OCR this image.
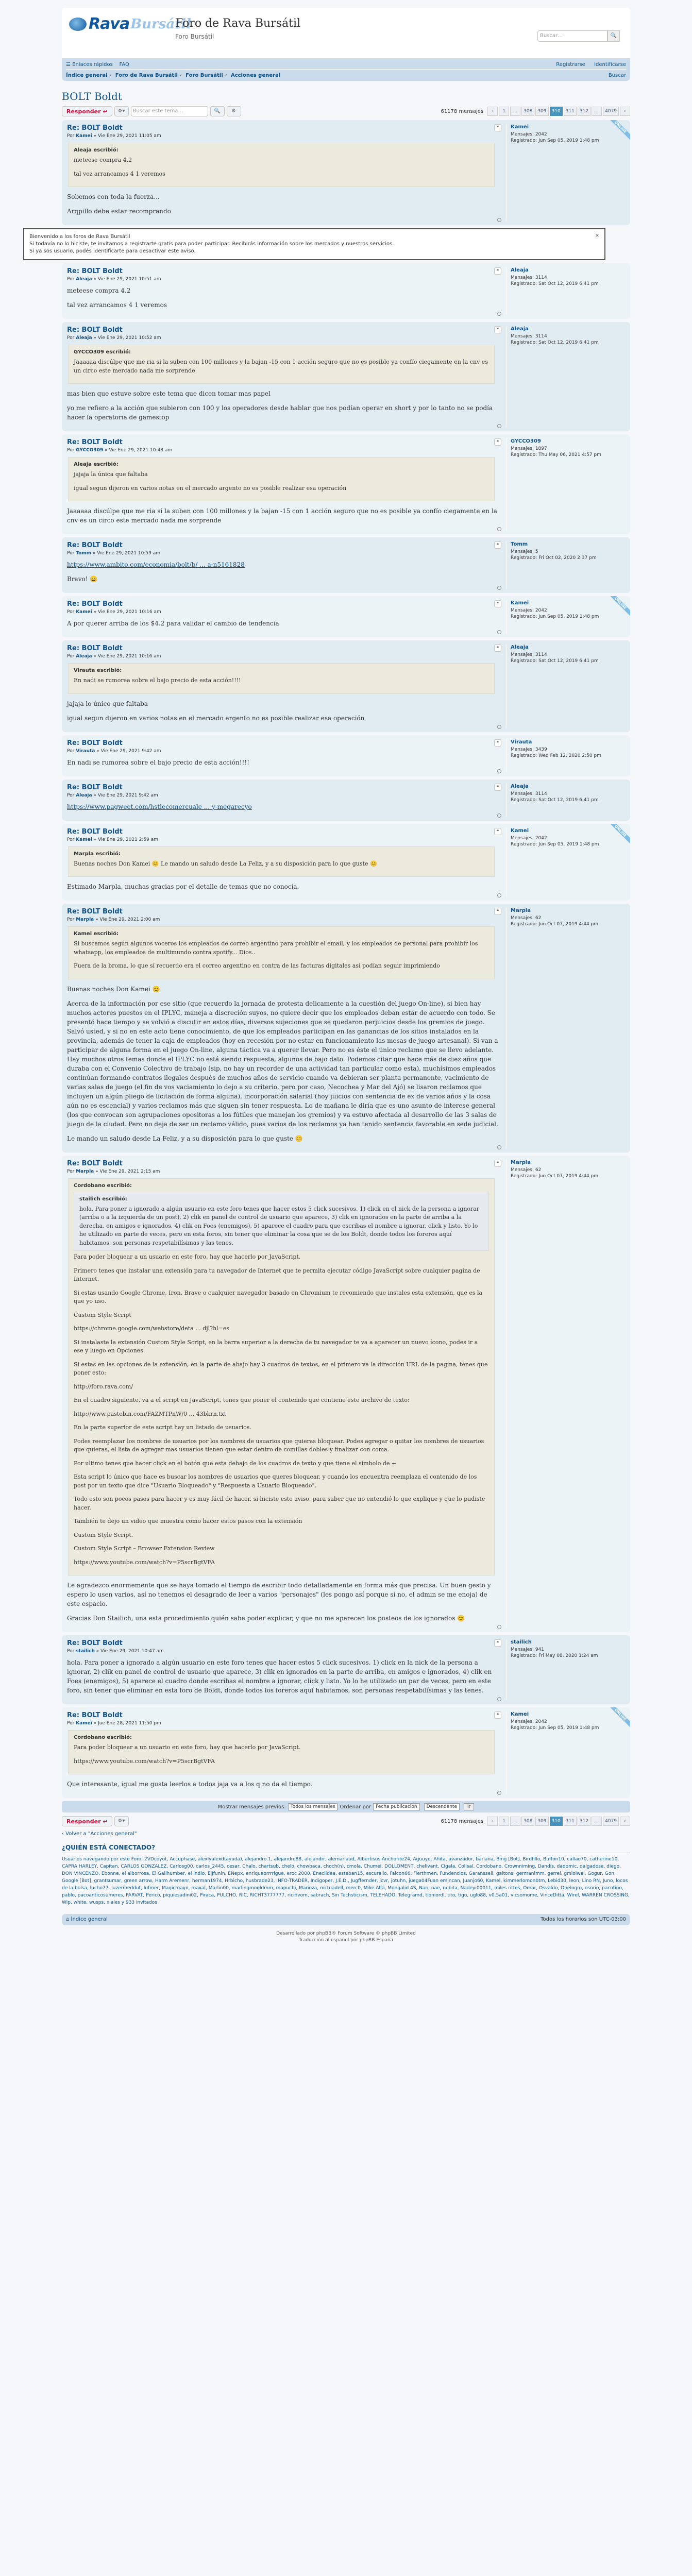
Rava Bursátil
Foro de Rava Bursátil
Foro Bursátil	Buscar…	🔍
☰ Enlaces rápidos FAQ	Registrarse Identificarse
Índice general ‹ Foro de Rava Bursátil ‹ Foro Bursátil ‹ Acciones general	Buscar
BOLT Boldt
Responder ↩	⚙▾	Buscar este tema…	🔍	⚙	61178 mensajes	‹ 1 ... 308 309 310 311 312 ... 4079 ›
Re: BOLT Boldt
Por Kamei » Vie Ene 29, 2021 11:05 am
Aleaja escribió:

meteese compra 4.2

tal vez arrancamos 4 1 veremos

Sobemos con toda la fuerza...

Arqpillo debe estar recomprando

Kamei
Mensajes: 2042
Registrado: Jun Sep 05, 2019 1:48 pm
❝	ONLINE
Bienvenido a los foros de Rava Bursátil
Si todavía no lo hiciste, te invitamos a registrarte gratis para poder participar. Recibirás información sobre los mercados y nuestros servicios.
Si ya sos usuario, podés identificarte para desactivar este aviso.
×
Re: BOLT Boldt
Por Aleaja » Vie Ene 29, 2021 10:51 am

meteese compra 4.2

tal vez arrancamos 4 1 veremos

Aleaja
Mensajes: 3114
Registrado: Sat Oct 12, 2019 6:41 pm
❝
Re: BOLT Boldt
Por Aleaja » Vie Ene 29, 2021 10:52 am
GYCCO309 escribió:

Jaaaaaa discúlpe que me ria si la suben con 100 millones y la bajan -15 con 1 acción seguro que no es posible ya confío ciegamente en la cnv es un circo este mercado nada me sorprende

mas bien que estuve sobre este tema que dicen tomar mas papel

yo me refiero a la acción que subieron con 100 y los operadores desde hablar que nos podían operar en short y por lo tanto no se podía hacer la operatoria de gamestop

Aleaja
Mensajes: 3114
Registrado: Sat Oct 12, 2019 6:41 pm
❝
Re: BOLT Boldt
Por GYCCO309 » Vie Ene 29, 2021 10:48 am
Aleaja escribió:

jajaja la única que faltaba

igual segun dijeron en varios notas en el mercado argento no es posible realizar esa operación

Jaaaaaa discúlpe que me ria si la suben con 100 millones y la bajan -15 con 1 acción seguro que no es posible ya confío ciegamente en la cnv es un circo este mercado nada me sorprende

GYCCO309
Mensajes: 1897
Registrado: Thu May 06, 2021 4:57 pm
❝
Re: BOLT Boldt
Por Tomm » Vie Ene 29, 2021 10:59 am

https://www.ambito.com/economia/bolt/b/ ... a-n5161828

Bravo! 😄

Tomm
Mensajes: 5
Registrado: Fri Oct 02, 2020 2:37 pm
❝
Re: BOLT Boldt
Por Kamei » Vie Ene 29, 2021 10:16 am

A por querer arriba de los $4.2 para validar el cambio de tendencia

Kamei
Mensajes: 2042
Registrado: Jun Sep 05, 2019 1:48 pm
❝	ONLINE
Re: BOLT Boldt
Por Aleaja » Vie Ene 29, 2021 10:16 am
Virauta escribió:

En nadi se rumorea sobre el bajo precio de esta acción!!!!

jajaja lo único que faltaba

igual segun dijeron en varios notas en el mercado argento no es posible realizar esa operación

Aleaja
Mensajes: 3114
Registrado: Sat Oct 12, 2019 6:41 pm
❝
Re: BOLT Boldt
Por Virauta » Vie Ene 29, 2021 9:42 am

En nadi se rumorea sobre el bajo precio de esta acción!!!!

Virauta
Mensajes: 3439
Registrado: Wed Feb 12, 2020 2:50 pm
❝
Re: BOLT Boldt
Por Aleaja » Vie Ene 29, 2021 9:42 am

https://www.pagweet.com/hstlecomercuale ... y-megarecyo

Aleaja
Mensajes: 3114
Registrado: Sat Oct 12, 2019 6:41 pm
❝
Re: BOLT Boldt
Por Kamei » Vie Ene 29, 2021 2:59 am
Marpla escribió:

Buenas noches Don Kamei 😊 Le mando un saludo desde La Feliz, y a su disposición para lo que guste 😊

Estimado Marpla, muchas gracias por el detalle de temas que no conocía.

Kamei
Mensajes: 2042
Registrado: Jun Sep 05, 2019 1:48 pm
❝	ONLINE
Re: BOLT Boldt
Por Marpla » Vie Ene 29, 2021 2:00 am
Kamei escribió:

Si buscamos según algunos voceros los empleados de correo argentino para prohibir el email, y los empleados de personal para prohibir los whatsapp, los empleados de multimundo contra spotify... Dios..

Fuera de la broma, lo que sí recuerdo era el correo argentino en contra de las facturas digitales así podían seguir imprimiendo

Buenas noches Don Kamei 😊

Acerca de la información por ese sitio (que recuerdo la jornada de protesta delicamente a la cuestión del juego On-line), si bien hay muchos actores puestos en el IPLYC, maneja a discreción suyos, no quiere decir que los empleados deban estar de acuerdo con todo. Se presentó hace tiempo y se volvió a discutir en estos días, diversos sujeciones que se quedaron perjuicios desde los gremios de juego. Salvó usted, y si no en este acto tiene conocimiento, de que los empleados participan en las ganancias de los sitios instalados en la provincia, además de tener la caja de empleados (hoy en recesión por no estar en funcionamiento las mesas de juego artesanal). Si van a participar de alguna forma en el juego On-line, alguna táctica va a querer llevar. Pero no es éste el único reclamo que se llevo adelante. Hay muchos otros temas donde el IPLYC no está siendo respuesta, algunos de bajo dato. Podemos citar que hace más de diez años que duraba con el Convenio Colectivo de trabajo (sip, no hay un recorder de una actividad tan particular como esta), muchísimos empleados continúan formando contratos ilegales después de muchos años de servicio cuando va debieran ser planta permanente, vacimiento de varias salas de juego (el fin de vos vaciamiento lo dejo a su criterio, pero por caso, Necochea y Mar del Ajó) se lisaron reclamos que incluyen un algún pliego de licitación de forma alguna), incorporación salarial (hoy juicios con sentencia de ex de varios años y la cosa aún no es escencial) y varios reclamos más que siguen sin tener respuesta. Lo de mañana le diría que es uno asunto de interese general (los que convocan son agrupaciones opositoras a los fútiles que manejan los gremios) y va estuvo afectada al desarrollo de las 3 salas de juego de la ciudad. Pero no deja de ser un reclamo válido, pues varios de los reclamos ya han tenido sentencia favorable en sede judicial.

Le mando un saludo desde La Feliz, y a su disposición para lo que guste 😊

Marpla
Mensajes: 62
Registrado: Jun Oct 07, 2019 4:44 pm
❝
Re: BOLT Boldt
Por Marpla » Vie Ene 29, 2021 2:15 am
Cordobano escribió:
stailich escribió:
hola. Para poner a ignorado a algún usuario en este foro tenes que hacer estos 5 click sucesivos. 1) click en el nick de la persona a ignorar (arriba o a la izquierda de un post), 2) clik en panel de control de usuario que aparece, 3) clik en ignorados en la parte de arriba a la derecha, en amigos e ignorados, 4) clik en Foes (enemigos), 5) aparece el cuadro para que escribas el nombre a ignorar, click y listo. Yo lo he utilizado en parte de veces, pero en esta foros, sin tener que eliminar la cosa que se de los Boldt, donde todos los foreros aquí habitamos, son personas respetabilísimas y las tenes.

Para poder bloquear a un usuario en este foro, hay que hacerlo por JavaScript.

Primero tenes que instalar una extensión para tu navegador de Internet que te permita ejecutar código JavaScript sobre cualquier pagina de Internet.

Si estas usando Google Chrome, Iron, Brave o cualquier navegador basado en Chromium te recomiendo que instales esta extensión, que es la que yo uso.

Custom Style Script

https://chrome.google.com/webstore/deta ... djl?hl=es

Si instalaste la extensión Custom Style Script, en la barra superior a la derecha de tu navegador te va a aparecer un nuevo ícono, podes ir a ese y luego en Opciones.

Si estas en las opciones de la extensión, en la parte de abajo hay 3 cuadros de textos, en el primero va la dirección URL de la pagina, tenes que poner esto:

http://foro.rava.com/

En el cuadro siguiente, va a el script en JavaScript, tenes que poner el contenido que contiene este archivo de texto:

http://www.pastebin.com/FAZMTPnW/0 ... 43bkrn.txt

En la parte superior de este script hay un listado de usuarios.

Podes reemplazar los nombres de usuarios por los nombres de usuarios que quieras bloquear. Podes agregar o quitar los nombres de usuarios que quieras, el lista de agregar mas usuarios tienen que estar dentro de comillas dobles y finalizar con coma.

Por ultimo tenes que hacer click en el botón que esta debajo de los cuadros de texto y que tiene el símbolo de +

Esta script lo único que hace es buscar los nombres de usuarios que queres bloquear, y cuando los encuentra reemplaza el contenido de los post por un texto que dice "Usuario Bloqueado" y "Respuesta a Usuario Bloqueado".

Todo esto son pocos pasos para hacer y es muy fácil de hacer, si hiciste este aviso, para saber que no entendió lo que explique y que lo pudiste hacer.

También te dejo un video que muestra como hacer estos pasos con la extensión

Custom Style Script.

Custom Style Script – Browser Extension Review

https://www.youtube.com/watch?v=P5scrBgtVFA

Le agradezco enormemente que se haya tomado el tiempo de escribir todo detalladamente en forma más que precisa. Un buen gesto y espero lo usen varios, así no tenemos el desagrado de leer a varios "personajes" (les pongo así porque sí no, el admin se me enoja) de este espacio.

Gracias Don Stailich, una esta procedimiento quién sabe poder explicar, y que no me aparecen los posteos de los ignorados 😊

Marpla
Mensajes: 62
Registrado: Jun Oct 07, 2019 4:44 pm
❝
Re: BOLT Boldt
Por stailich » Vie Ene 29, 2021 10:47 am

hola. Para poner a ignorado a algún usuario en este foro tenes que hacer estos 5 click sucesivos. 1) click en la nick de la persona a ignorar, 2) clik en panel de control de usuario que aparece, 3) clik en ignorados en la parte de arriba, en amigos e ignorados, 4) clik en Foes (enemigos), 5) aparece el cuadro donde escribas el nombre a ignorar, click y listo. Yo lo he utilizado un par de veces, pero en este foro, sin tener que eliminar en esta foro de Boldt, donde todos los foreros aquí habitamos, son personas respetabilísimas y las tenes.

stailich
Mensajes: 941
Registrado: Fri May 08, 2020 1:24 am
❝
Re: BOLT Boldt
Por Kamei » Jue Ene 28, 2021 11:50 pm
Cordobano escribió:

Para poder bloquear a un usuario en este foro, hay que hacerlo por JavaScript.

https://www.youtube.com/watch?v=P5scrBgtVFA

Que interesante, igual me gusta leerlos a todos jaja va a los q no da el tiempo.

Kamei
Mensajes: 2042
Registrado: Jun Sep 05, 2019 1:48 pm
❝	ONLINE
Mostrar mensajes previos:	Todos los mensajes Ordenar por	Fecha publicación	Descendente	Ir
Responder ↩	⚙▾	61178 mensajes	‹ 1 ... 308 309 310 311 312 ... 4079 ›
‹ Volver a "Acciones general"
¿QUIÉN ESTÁ CONECTADO?
Usuarios navegando por este Foro: 2VDcoyot, Accuphase, alexlyalexd(ayuda), alejandro 1, alejandro88, alejandrr, alemarlaud, Albertisus Anchorite24, Aguuyo, Ahita, avanzador, bariana, Bing [Bot], Birdfillo, Buffon10, callao70, catherine10, CAPRA HARLEY, Capitan, CARLOS GONZALEZ, Carlosg00, carlos_2445, cesar, Chalo, chartsub, chelo, chowbaca, choch(n), cmola, Chumei, DOLLOMENT, chelivant, Cigala, Colisal, Cordobano, Crownniming, Dandis, dadomic, dalgadose, diego, DON VINCENZO, Ebonne, el alborrosa, El Gallhumber, el indio, ElJfunin, ENepx, enriqueorrrrigue, eroc 2000, Eneclidea, esteban15, escurallo, Falcon66, Fierthmen, Fundencios, Garanssell, gaitons, germanimm, gerrei, gmlolwal, Gogur, Gon, Google [Bot], grantsumar, green arrow, Harm Aremenr, herman1974, Hrbicho, husbrade23, INFO-TRADER, Indigoper, J.E.D., Jugffernder, jcvr, jotuhn, juega04Fuan emincan, Juanjo60, Kamel, kimmerlomonbtm, Lebid30, leon, Lino RN, Juno, locos de la bolsa, lucho77, luzermeddut, lufmer, Magicmayn, maxal, Marlin00, marlingmogldmm, mapuchi, Marioza, mctuadell, merc0, Mike Alfa, Mongalid 4S, Nan, nae, nobita, Nadeyi00011, miles rittes, Omar, Osvaldo, Onelogro, osorio, pacotino, pablo, pacoanticosumeres, PARVAT, Perico, piquiesadini02, Piraca, PULCHO, RIC, RICHT3777777, ricinvom, sabrach, Sin Techsticism, TELEHADO, Telegramd, tioniordl, tito, tigo, uglo88, v0.5a01, vicsomome, VinceDitta, Wirel, WARREN CROSSING, Wip, white, wusps, xiales y 933 invitados
⌂ Índice general	Todos los horarios son UTC-03:00
Desarrollado por phpBB® Forum Software © phpBB Limited
Traducción al español por phpBB España
